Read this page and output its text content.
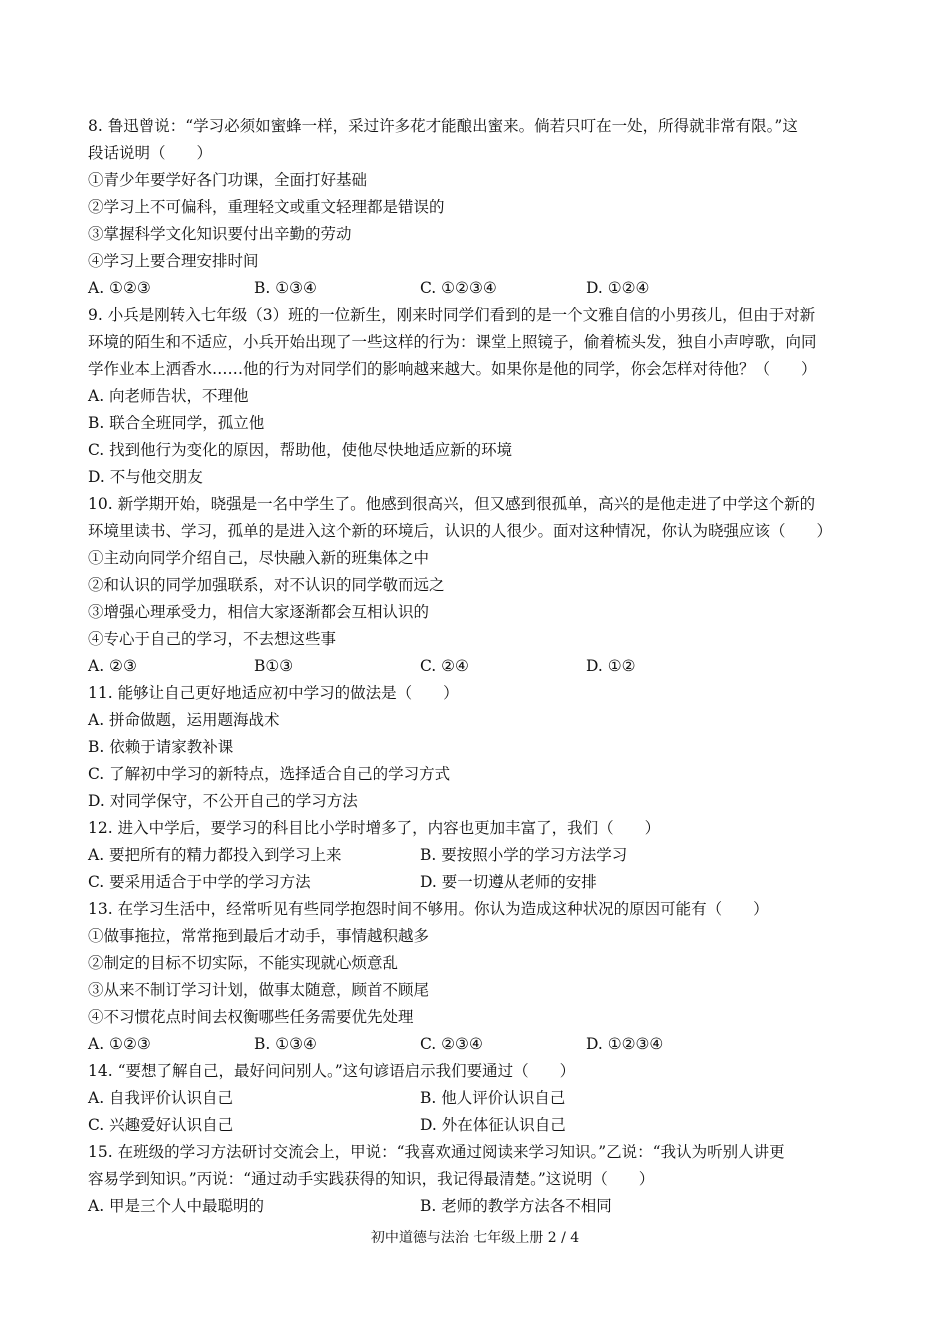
8. 鲁迅曾说：“学习必须如蜜蜂一样，采过许多花才能酿出蜜来。倘若只叮在一处，所得就非常有限。”这
段话说明（　　）
①青少年要学好各门功课，全面打好基础
②学习上不可偏科，重理轻文或重文轻理都是错误的
③掌握科学文化知识要付出辛勤的劳动
④学习上要合理安排时间
A. ①②③	B. ①③④	C. ①②③④	D. ①②④
9. 小兵是刚转入七年级（3）班的一位新生，刚来时同学们看到的是一个文雅自信的小男孩儿，但由于对新
环境的陌生和不适应，小兵开始出现了一些这样的行为：课堂上照镜子，偷着梳头发，独自小声哼歌，向同
学作业本上洒香水……他的行为对同学们的影响越来越大。如果你是他的同学，你会怎样对待他？（　　）
A. 向老师告状，不理他
B. 联合全班同学，孤立他
C. 找到他行为变化的原因，帮助他，使他尽快地适应新的环境
D. 不与他交朋友
10. 新学期开始，晓强是一名中学生了。他感到很高兴，但又感到很孤单，高兴的是他走进了中学这个新的
环境里读书、学习，孤单的是进入这个新的环境后，认识的人很少。面对这种情况，你认为晓强应该（　　）
①主动向同学介绍自己，尽快融入新的班集体之中
②和认识的同学加强联系，对不认识的同学敬而远之
③增强心理承受力，相信大家逐渐都会互相认识的
④专心于自己的学习，不去想这些事
A. ②③	B①③	C. ②④	D. ①②
11. 能够让自己更好地适应初中学习的做法是（　　）
A. 拼命做题，运用题海战术
B. 依赖于请家教补课
C. 了解初中学习的新特点，选择适合自己的学习方式
D. 对同学保守，不公开自己的学习方法
12. 进入中学后，要学习的科目比小学时增多了，内容也更加丰富了，我们（　　）
A. 要把所有的精力都投入到学习上来	B. 要按照小学的学习方法学习
C. 要采用适合于中学的学习方法	D. 要一切遵从老师的安排
13. 在学习生活中，经常听见有些同学抱怨时间不够用。你认为造成这种状况的原因可能有（　　）
①做事拖拉，常常拖到最后才动手，事情越积越多
②制定的目标不切实际，不能实现就心烦意乱
③从来不制订学习计划，做事太随意，顾首不顾尾
④不习惯花点时间去权衡哪些任务需要优先处理
A. ①②③	B. ①③④	C. ②③④	D. ①②③④
14. “要想了解自己，最好问问别人。”这句谚语启示我们要通过（　　）
A. 自我评价认识自己	B. 他人评价认识自己
C. 兴趣爱好认识自己	D. 外在体征认识自己
15. 在班级的学习方法研讨交流会上，甲说：“我喜欢通过阅读来学习知识。”乙说：“我认为听别人讲更
容易学到知识。”丙说：“通过动手实践获得的知识，我记得最清楚。”这说明（　　）
A. 甲是三个人中最聪明的	B. 老师的教学方法各不相同
初中道德与法治 七年级上册 2 / 4
